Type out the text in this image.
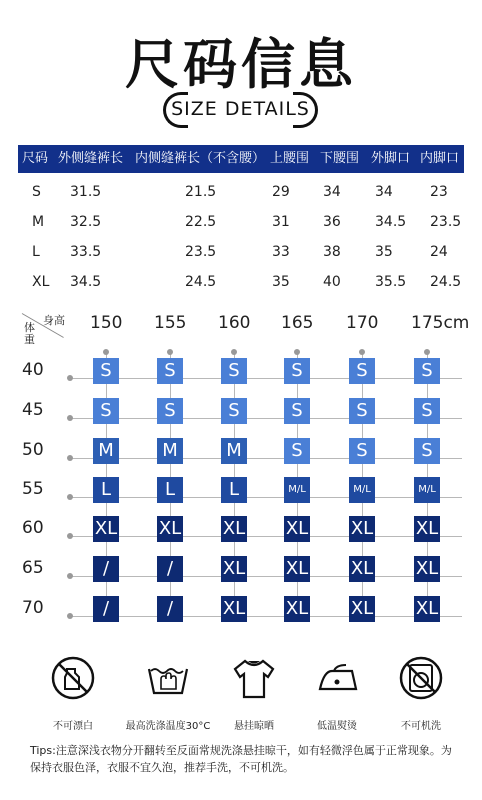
尺码信息
SIZE DETAILS
尺码 外侧缝裤长 内侧缝裤长（不含腰） 上腰围 下腰围 外脚口 内脚口
S 31.5	21.5	29 34 34	23
M 32.5	22.5	31 36 34.5 23.5
L 33.5	23.5	33 38 35	24
XL 34.5	24.5	35 40 35.5 24.5
身高
体重
150 155 160 165 170 175cm
40	S	S	S	S	S	S
45	S	S	S	S	S	S
50	M	M	M	S	S	S
55	L	L	L	M/L	M/L	M/L
60	XL XL XL XL XL XL
65	/	/	XL XL XL XL
70	/	/	XL XL XL XL
不可漂白	最高洗涤温度30°C	悬挂晾晒	低温熨烫	不可机洗
Tips:注意深浅衣物分开翻转至反面常规洗涤悬挂晾干，如有轻微浮色属于正常现象。为保持衣服色泽，衣服不宜久泡，推荐手洗，不可机洗。
